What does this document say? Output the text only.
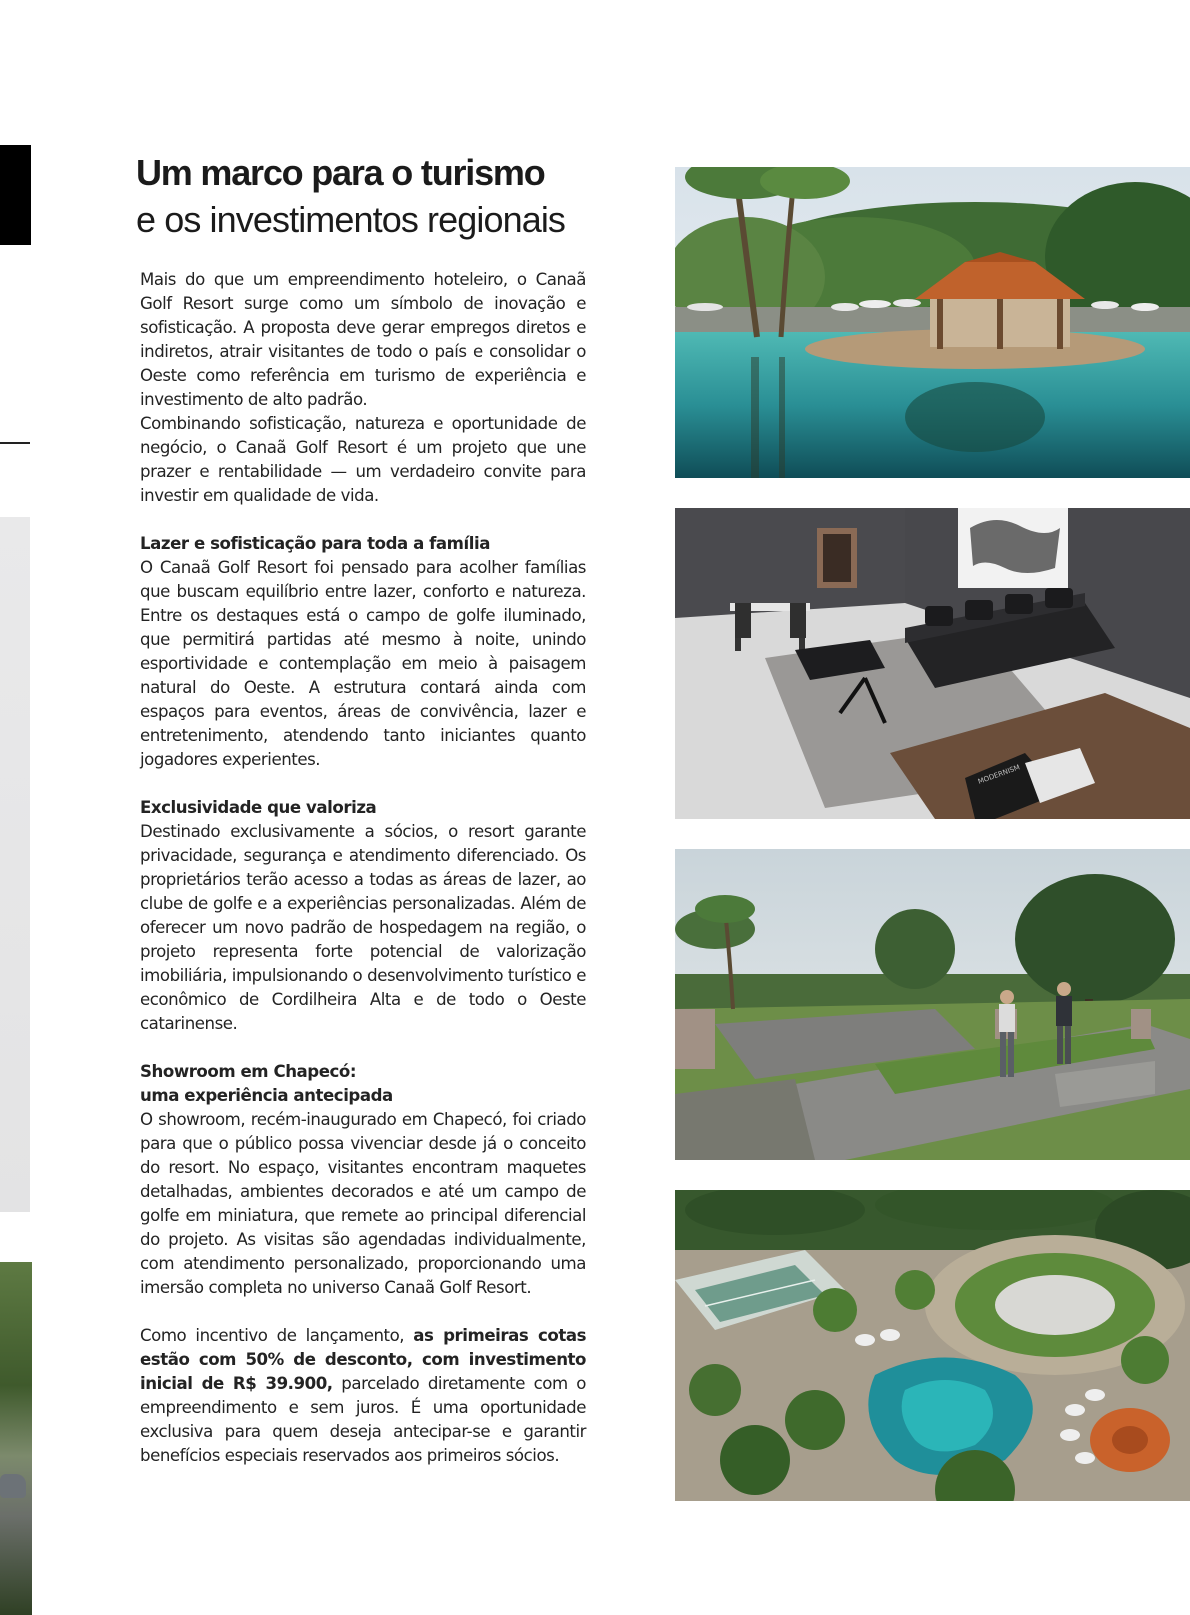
Um marco para o turismo
e os investimentos regionais

Mais do que um empreendimento hoteleiro, o Canaã Golf Resort surge como um símbolo de inovação e sofisticação. A proposta deve gerar empregos diretos e indiretos, atrair visitantes de todo o país e consolidar o Oeste como referência em turismo de experiência e investimento de alto padrão.

Combinando sofisticação, natureza e oportunidade de negócio, o Canaã Golf Resort é um projeto que une prazer e rentabilidade — um verdadeiro convite para investir em qualidade de vida.

Lazer e sofisticação para toda a família

O Canaã Golf Resort foi pensado para acolher famílias que buscam equilíbrio entre lazer, conforto e natureza. Entre os destaques está o campo de golfe iluminado, que permitirá partidas até mesmo à noite, unindo esportividade e contemplação em meio à paisagem natural do Oeste. A estrutura contará ainda com espaços para eventos, áreas de convivência, lazer e entretenimento, atendendo tanto iniciantes quanto jogadores experientes.

Exclusividade que valoriza

Destinado exclusivamente a sócios, o resort garante privacidade, segurança e atendimento diferenciado. Os proprietários terão acesso a todas as áreas de lazer, ao clube de golfe e a experiências personalizadas. Além de oferecer um novo padrão de hospedagem na região, o projeto representa forte potencial de valorização imobiliária, impulsionando o desenvolvimento turístico e econômico de Cordilheira Alta e de todo o Oeste catarinense.

Showroom em Chapecó:

uma experiência antecipada

O showroom, recém-inaugurado em Chapecó, foi criado para que o público possa vivenciar desde já o conceito do resort. No espaço, visitantes encontram maquetes detalhadas, ambientes decorados e até um campo de golfe em miniatura, que remete ao principal diferencial do projeto. As visitas são agendadas individualmente, com atendimento personalizado, proporcionando uma imersão completa no universo Canaã Golf Resort.

Como incentivo de lançamento, as primeiras cotas estão com 50% de desconto, com investimento inicial de R$ 39.900, parcelado diretamente com o empreendimento e sem juros. É uma oportunidade exclusiva para quem deseja antecipar-se e garantir benefícios especiais reservados aos primeiros sócios.

MODERNISM
